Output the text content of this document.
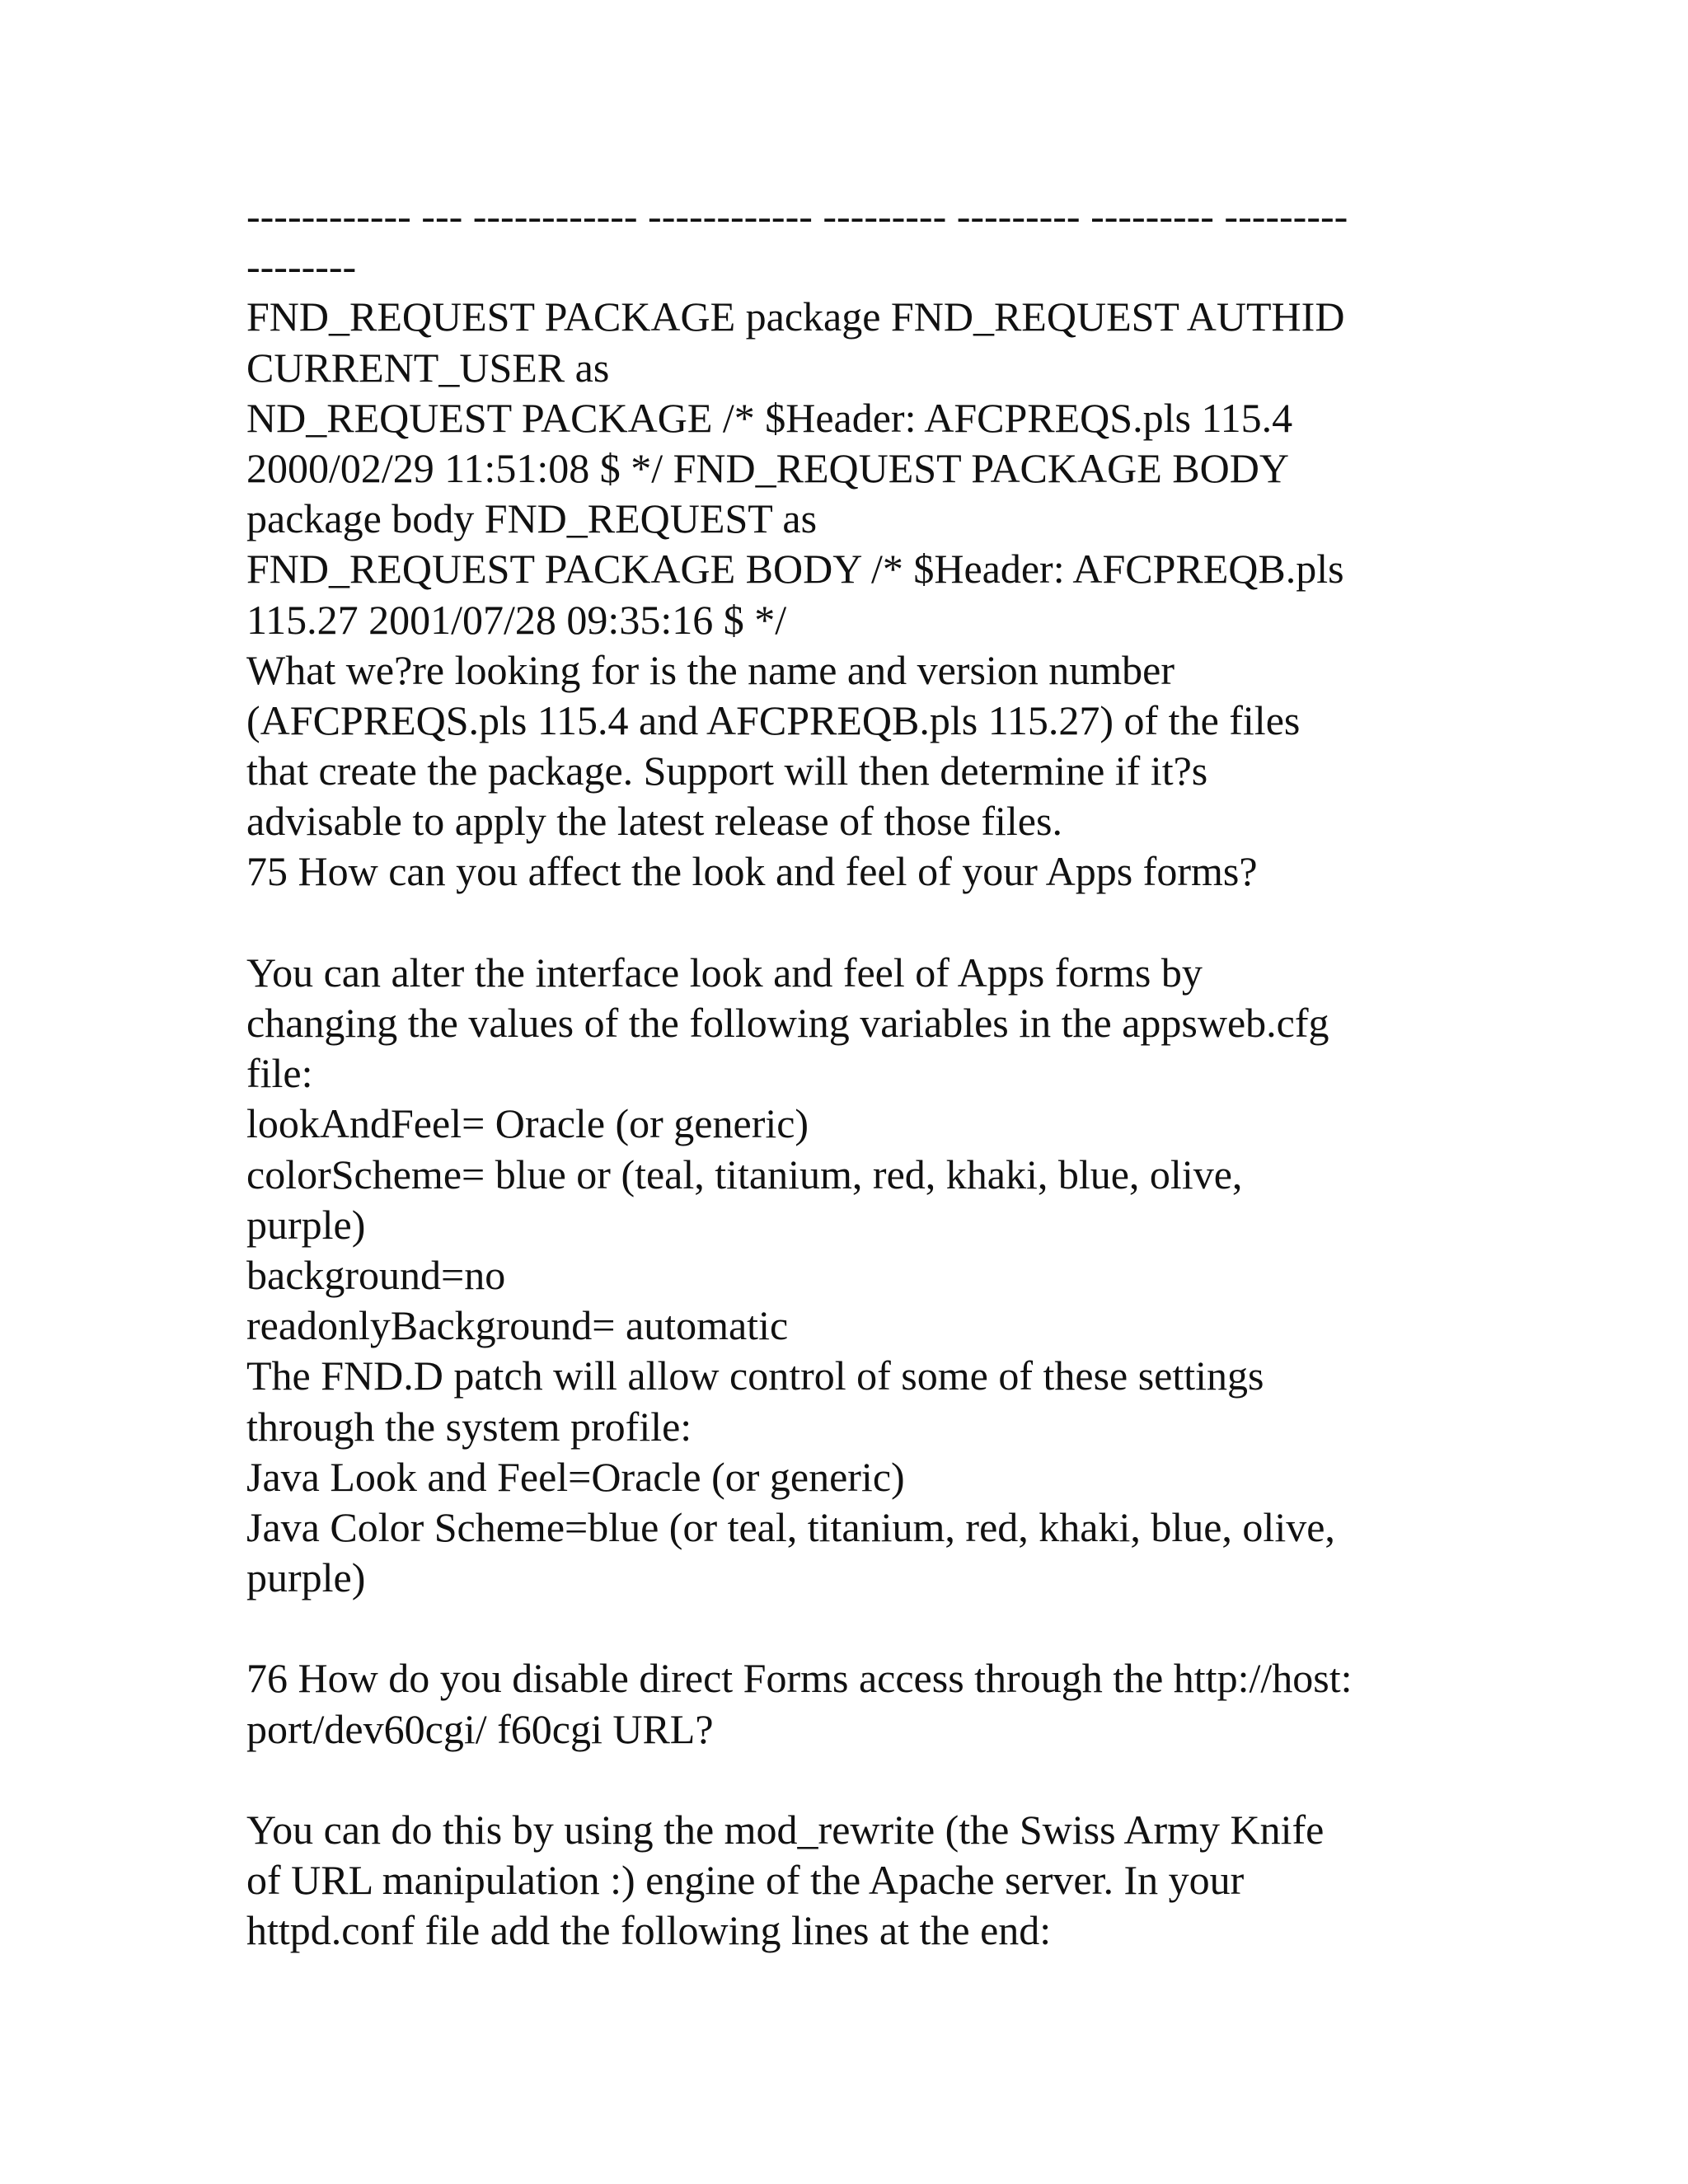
------------ --- ------------ ------------ --------- --------- --------- ---------
--------
FND_REQUEST PACKAGE package FND_REQUEST AUTHID
CURRENT_USER as
ND_REQUEST PACKAGE /* $Header: AFCPREQS.pls 115.4
2000/02/29 11:51:08 $ */ FND_REQUEST PACKAGE BODY
package body FND_REQUEST as
FND_REQUEST PACKAGE BODY /* $Header: AFCPREQB.pls
115.27 2001/07/28 09:35:16 $ */
What we?re looking for is the name and version number
(AFCPREQS.pls 115.4 and AFCPREQB.pls 115.27) of the files
that create the package. Support will then determine if it?s
advisable to apply the latest release of those files.
75 How can you affect the look and feel of your Apps forms?
You can alter the interface look and feel of Apps forms by
changing the values of the following variables in the appsweb.cfg
file:
lookAndFeel= Oracle (or generic)
colorScheme= blue or (teal, titanium, red, khaki, blue, olive,
purple)
background=no
readonlyBackground= automatic
The FND.D patch will allow control of some of these settings
through the system profile:
Java Look and Feel=Oracle (or generic)
Java Color Scheme=blue (or teal, titanium, red, khaki, blue, olive,
purple)
76 How do you disable direct Forms access through the http://host:
port/dev60cgi/ f60cgi URL?
You can do this by using the mod_rewrite (the Swiss Army Knife
of URL manipulation :) engine of the Apache server. In your
httpd.conf file add the following lines at the end:
